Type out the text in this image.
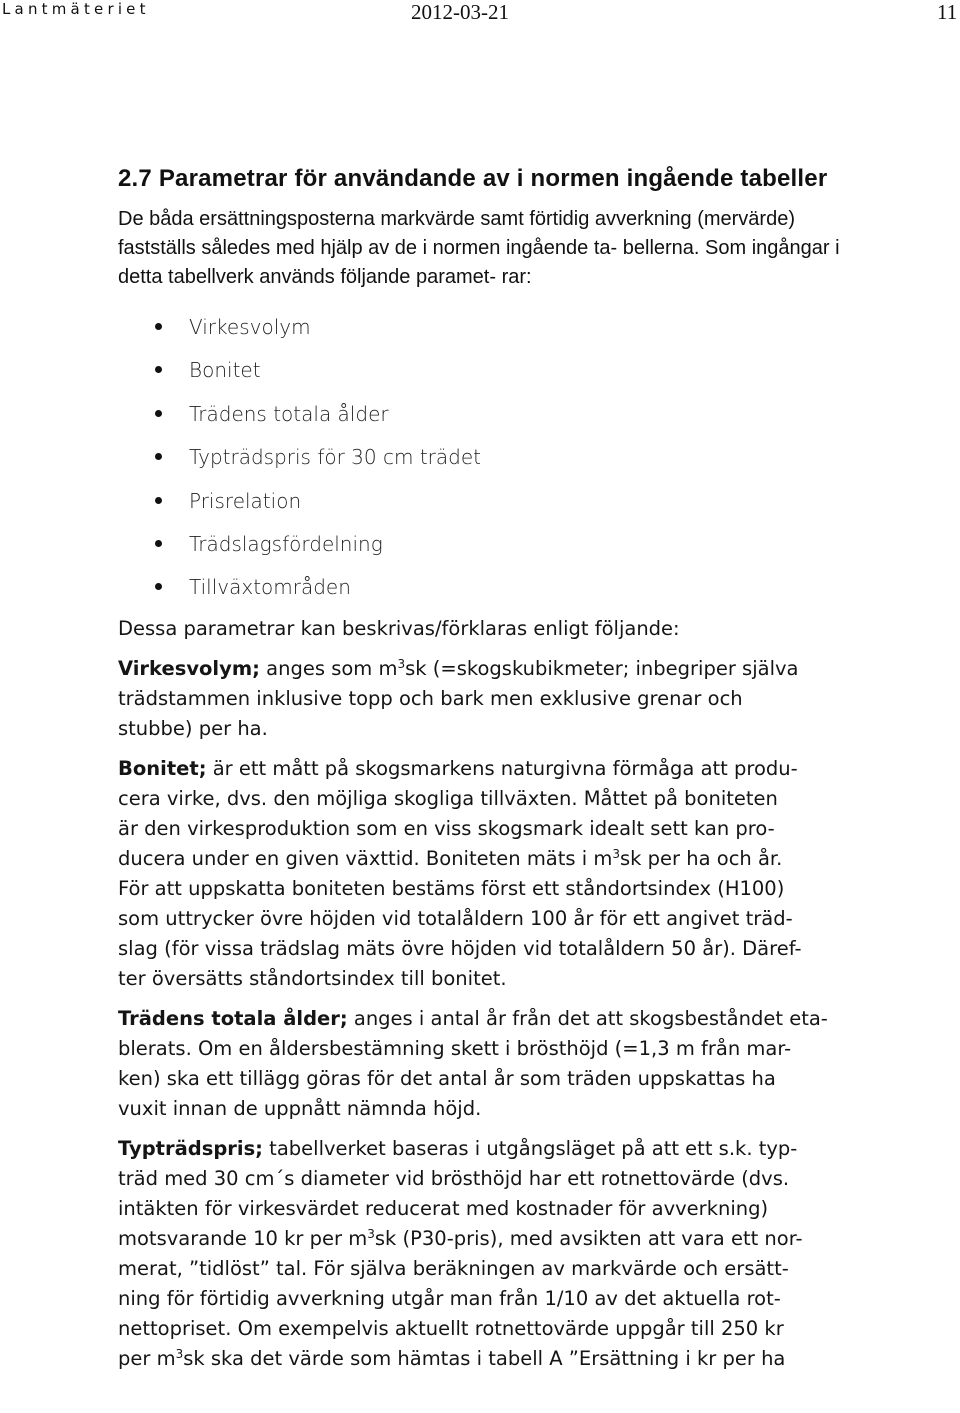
Lantmäteriet	2012-03-21	11
2.7 Parametrar för användande av i normen ingående tabeller

De båda ersättningsposterna markvärde samt förtidig avverkning (mervärde) fastställs således med hjälp av de i normen ingående ta- bellerna. Som ingångar i detta tabellverk används följande paramet- rar:

Virkesvolym
Bonitet
Trädens totala ålder
Typträdspris för 30 cm trädet
Prisrelation
Trädslagsfördelning
Tillväxtområden

Dessa parametrar kan beskrivas/förklaras enligt följande:

Virkesvolym; anges som $m^3sk$ (=skogskubikmeter; inbegriper själva
trädstammen inklusive topp och bark men exklusive grenar och
stubbe) per ha.

Bonitet; är ett mått på skogsmarkens naturgivna förmåga att produ-
cera virke, dvs. den möjliga skogliga tillväxten. Måttet på boniteten
är den virkesproduktion som en viss skogsmark idealt sett kan pro-
ducera under en given växttid. Boniteten mäts i $m^3sk$ per ha och år.
För att uppskatta boniteten bestäms först ett ståndortsindex (H100)
som uttrycker övre höjden vid totalåldern 100 år för ett angivet träd-
slag (för vissa trädslag mäts övre höjden vid totalåldern 50 år). Däref-
ter översätts ståndortsindex till bonitet.

Trädens totala ålder; anges i antal år från det att skogsbeståndet eta-
blerats. Om en åldersbestämning skett i brösthöjd (=1,3 m från mar-
ken) ska ett tillägg göras för det antal år som träden uppskattas ha
vuxit innan de uppnått nämnda höjd.

Typträdspris; tabellverket baseras i utgångsläget på att ett s.k. typ-
träd med 30 cm´s diameter vid brösthöjd har ett rotnettovärde (dvs.
intäkten för virkesvärdet reducerat med kostnader för avverkning)
motsvarande 10 kr per $m^3sk$ (P30-pris), med avsikten att vara ett nor-
merat, ”tidlöst” tal. För själva beräkningen av markvärde och ersätt-
ning för förtidig avverkning utgår man från 1/10 av det aktuella rot-
nettopriset. Om exempelvis aktuellt rotnettovärde uppgår till 250 kr
per $m^3sk$ ska det värde som hämtas i tabell A ”Ersättning i kr per ha
